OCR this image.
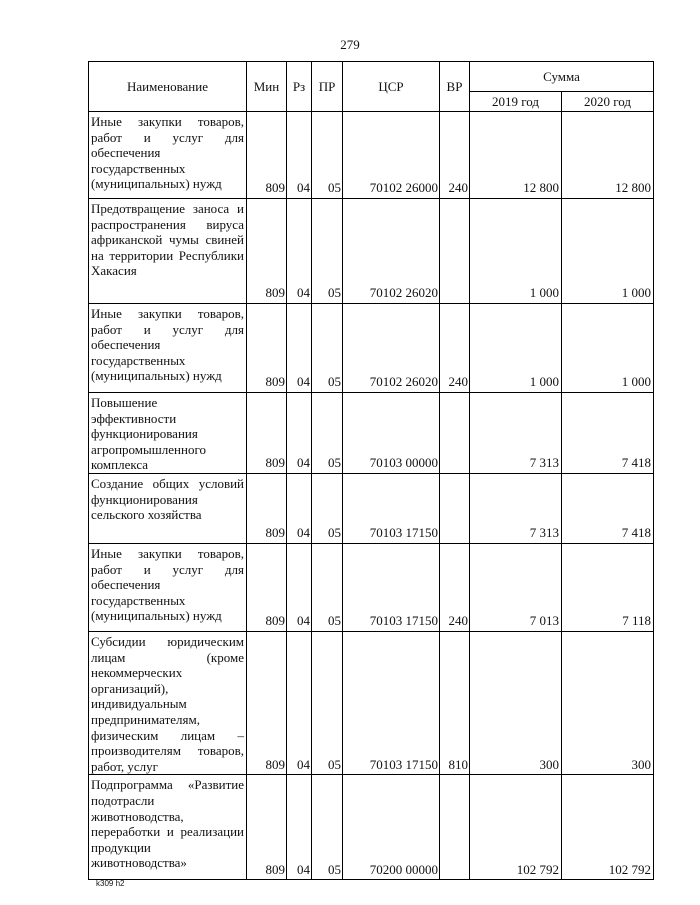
279
Наименование	Мин	Рз	ПР	ЦСР	ВР	Сумма	
						2019 год	2020 год
Иные закупки товаров, работ и услуг для обеспечения государственных (муниципальных) нужд	809	04	05	70102 26000	240	12 800	12 800
Предотвращение заноса и распространения вируса африканской чумы свиней на территории Республики Хакасия	809	04	05	70102 26020		1 000	1 000
Иные закупки товаров, работ и услуг для обеспечения государственных (муниципальных) нужд	809	04	05	70102 26020	240	1 000	1 000
Повышение эффективности функционирования агропромышленного комплекса	809	04	05	70103 00000		7 313	7 418
Создание общих условий функционирования сельского хозяйства	809	04	05	70103 17150		7 313	7 418
Иные закупки товаров, работ и услуг для обеспечения государственных (муниципальных) нужд	809	04	05	70103 17150	240	7 013	7 118
Субсидии юридическим лицам (кроме некоммерческих организаций), индивидуальным предпринимателям, физическим лицам – производителям товаров, работ, услуг	809	04	05	70103 17150	810	300	300
Подпрограмма «Развитие подотрасли животноводства, переработки и реализации продукции животноводства»	809	04	05	70200 00000		102 792	102 792
k309 h2
